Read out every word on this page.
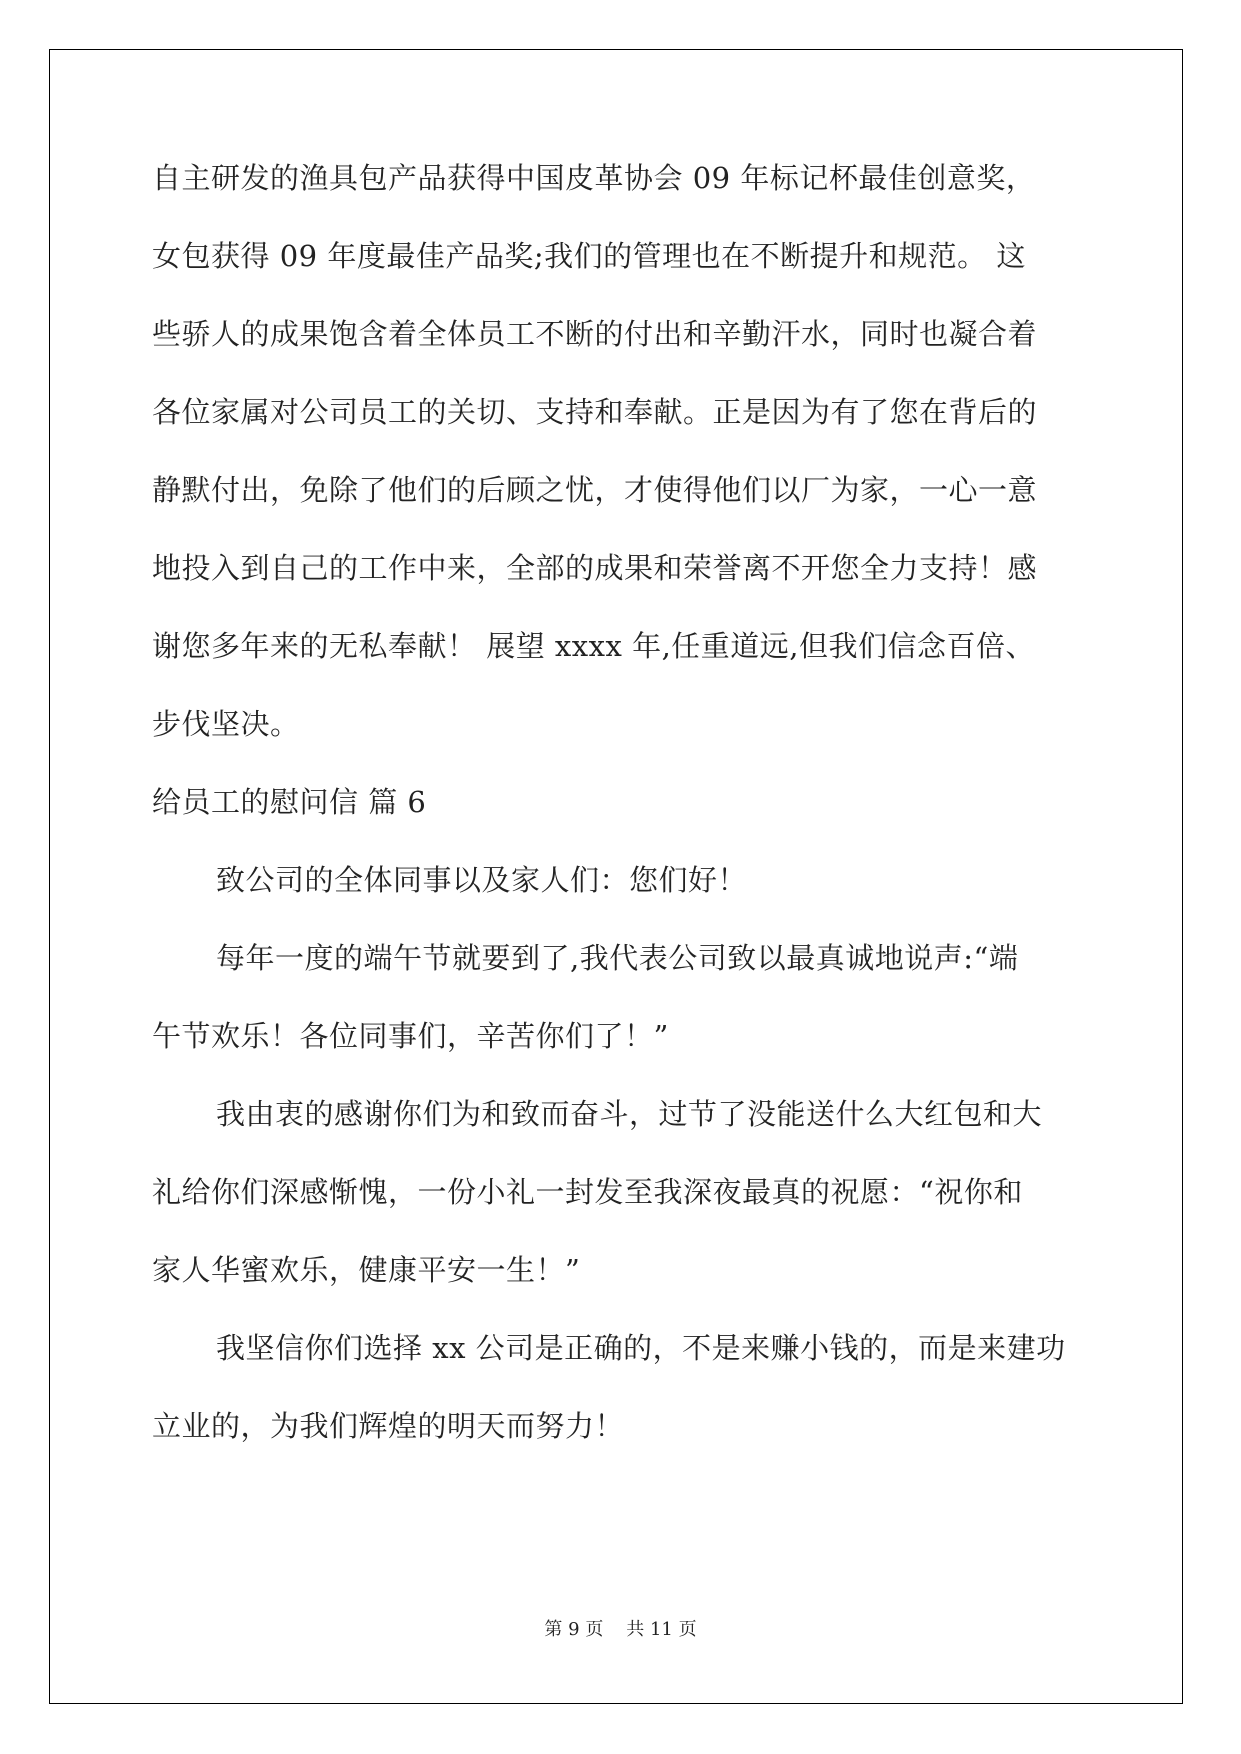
自主研发的渔具包产品获得中国皮革协会 09 年标记杯最佳创意奖，
女包获得 09 年度最佳产品奖;我们的管理也在不断提升和规范。 这
些骄人的成果饱含着全体员工不断的付出和辛勤汗水，同时也凝合着
各位家属对公司员工的关切、支持和奉献。正是因为有了您在背后的
静默付出，免除了他们的后顾之忧，才使得他们以厂为家，一心一意
地投入到自己的工作中来，全部的成果和荣誉离不开您全力支持！感
谢您多年来的无私奉献！ 展望 xxxx 年,任重道远,但我们信念百倍、
步伐坚决。
给员工的慰问信 篇 6
致公司的全体同事以及家人们：您们好！
每年一度的端午节就要到了,我代表公司致以最真诚地说声:“端
午节欢乐！各位同事们，辛苦你们了！”
我由衷的感谢你们为和致而奋斗，过节了没能送什么大红包和大
礼给你们深感惭愧，一份小礼一封发至我深夜最真的祝愿：“祝你和
家人华蜜欢乐，健康平安一生！”
我坚信你们选择 xx 公司是正确的，不是来赚小钱的，而是来建功
立业的，为我们辉煌的明天而努力！
第 9 页 共 11 页
